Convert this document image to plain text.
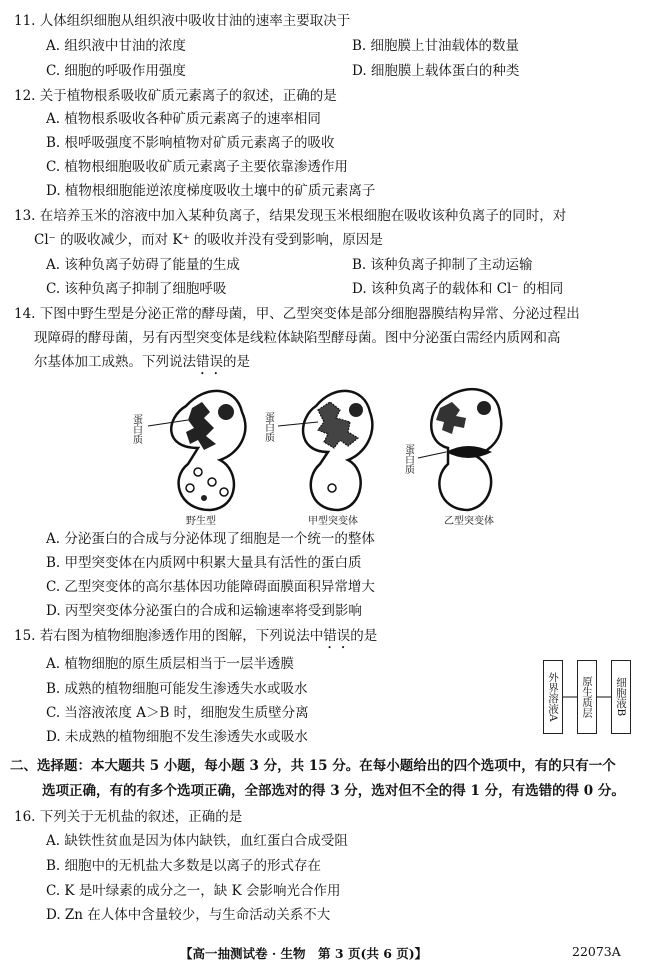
11. 人体组织细胞从组织液中吸收甘油的速率主要取决于
A. 组织液中甘油的浓度	B. 细胞膜上甘油载体的数量
C. 细胞的呼吸作用强度	D. 细胞膜上载体蛋白的种类
12. 关于植物根系吸收矿质元素离子的叙述，正确的是
A. 植物根系吸收各种矿质元素离子的速率相同
B. 根呼吸强度不影响植物对矿质元素离子的吸收
C. 植物根细胞吸收矿质元素离子主要依靠渗透作用
D. 植物根细胞能逆浓度梯度吸收土壤中的矿质元素离子
13. 在培养玉米的溶液中加入某种负离子，结果发现玉米根细胞在吸收该种负离子的同时，对
Cl⁻ 的吸收减少，而对 K⁺ 的吸收并没有受到影响，原因是
A. 该种负离子妨碍了能量的生成	B. 该种负离子抑制了主动运输
C. 该种负离子抑制了细胞呼吸	D. 该种负离子的载体和 Cl⁻ 的相同
14. 下图中野生型是分泌正常的酵母菌，甲、乙型突变体是部分细胞器膜结构异常、分泌过程出
现障碍的酵母菌，另有丙型突变体是线粒体缺陷型酵母菌。图中分泌蛋白需经内质网和高
尔基体加工成熟。下列说法错误的是
蛋白质
野生型
蛋白质
甲型突变体
蛋白质
乙型突变体
A. 分泌蛋白的合成与分泌体现了细胞是一个统一的整体
B. 甲型突变体在内质网中积累大量具有活性的蛋白质
C. 乙型突变体的高尔基体因功能障碍面膜面积异常增大
D. 丙型突变体分泌蛋白的合成和运输速率将受到影响
15. 若右图为植物细胞渗透作用的图解，下列说法中错误的是
A. 植物细胞的原生质层相当于一层半透膜
B. 成熟的植物细胞可能发生渗透失水或吸水
C. 当溶液浓度 A＞B 时，细胞发生质壁分离
D. 未成熟的植物细胞不发生渗透失水或吸水
外界溶液A	原生质层	细胞液B
二、选择题：本大题共 5 小题，每小题 3 分，共 15 分。在每小题给出的四个选项中，有的只有一个
选项正确，有的有多个选项正确，全部选对的得 3 分，选对但不全的得 1 分，有选错的得 0 分。
16. 下列关于无机盐的叙述，正确的是
A. 缺铁性贫血是因为体内缺铁，血红蛋白合成受阻
B. 细胞中的无机盐大多数是以离子的形式存在
C. K 是叶绿素的成分之一，缺 K 会影响光合作用
D. Zn 在人体中含量较少，与生命活动关系不大
【高一抽测试卷 · 生物　第 3 页(共 6 页)】	22073A
